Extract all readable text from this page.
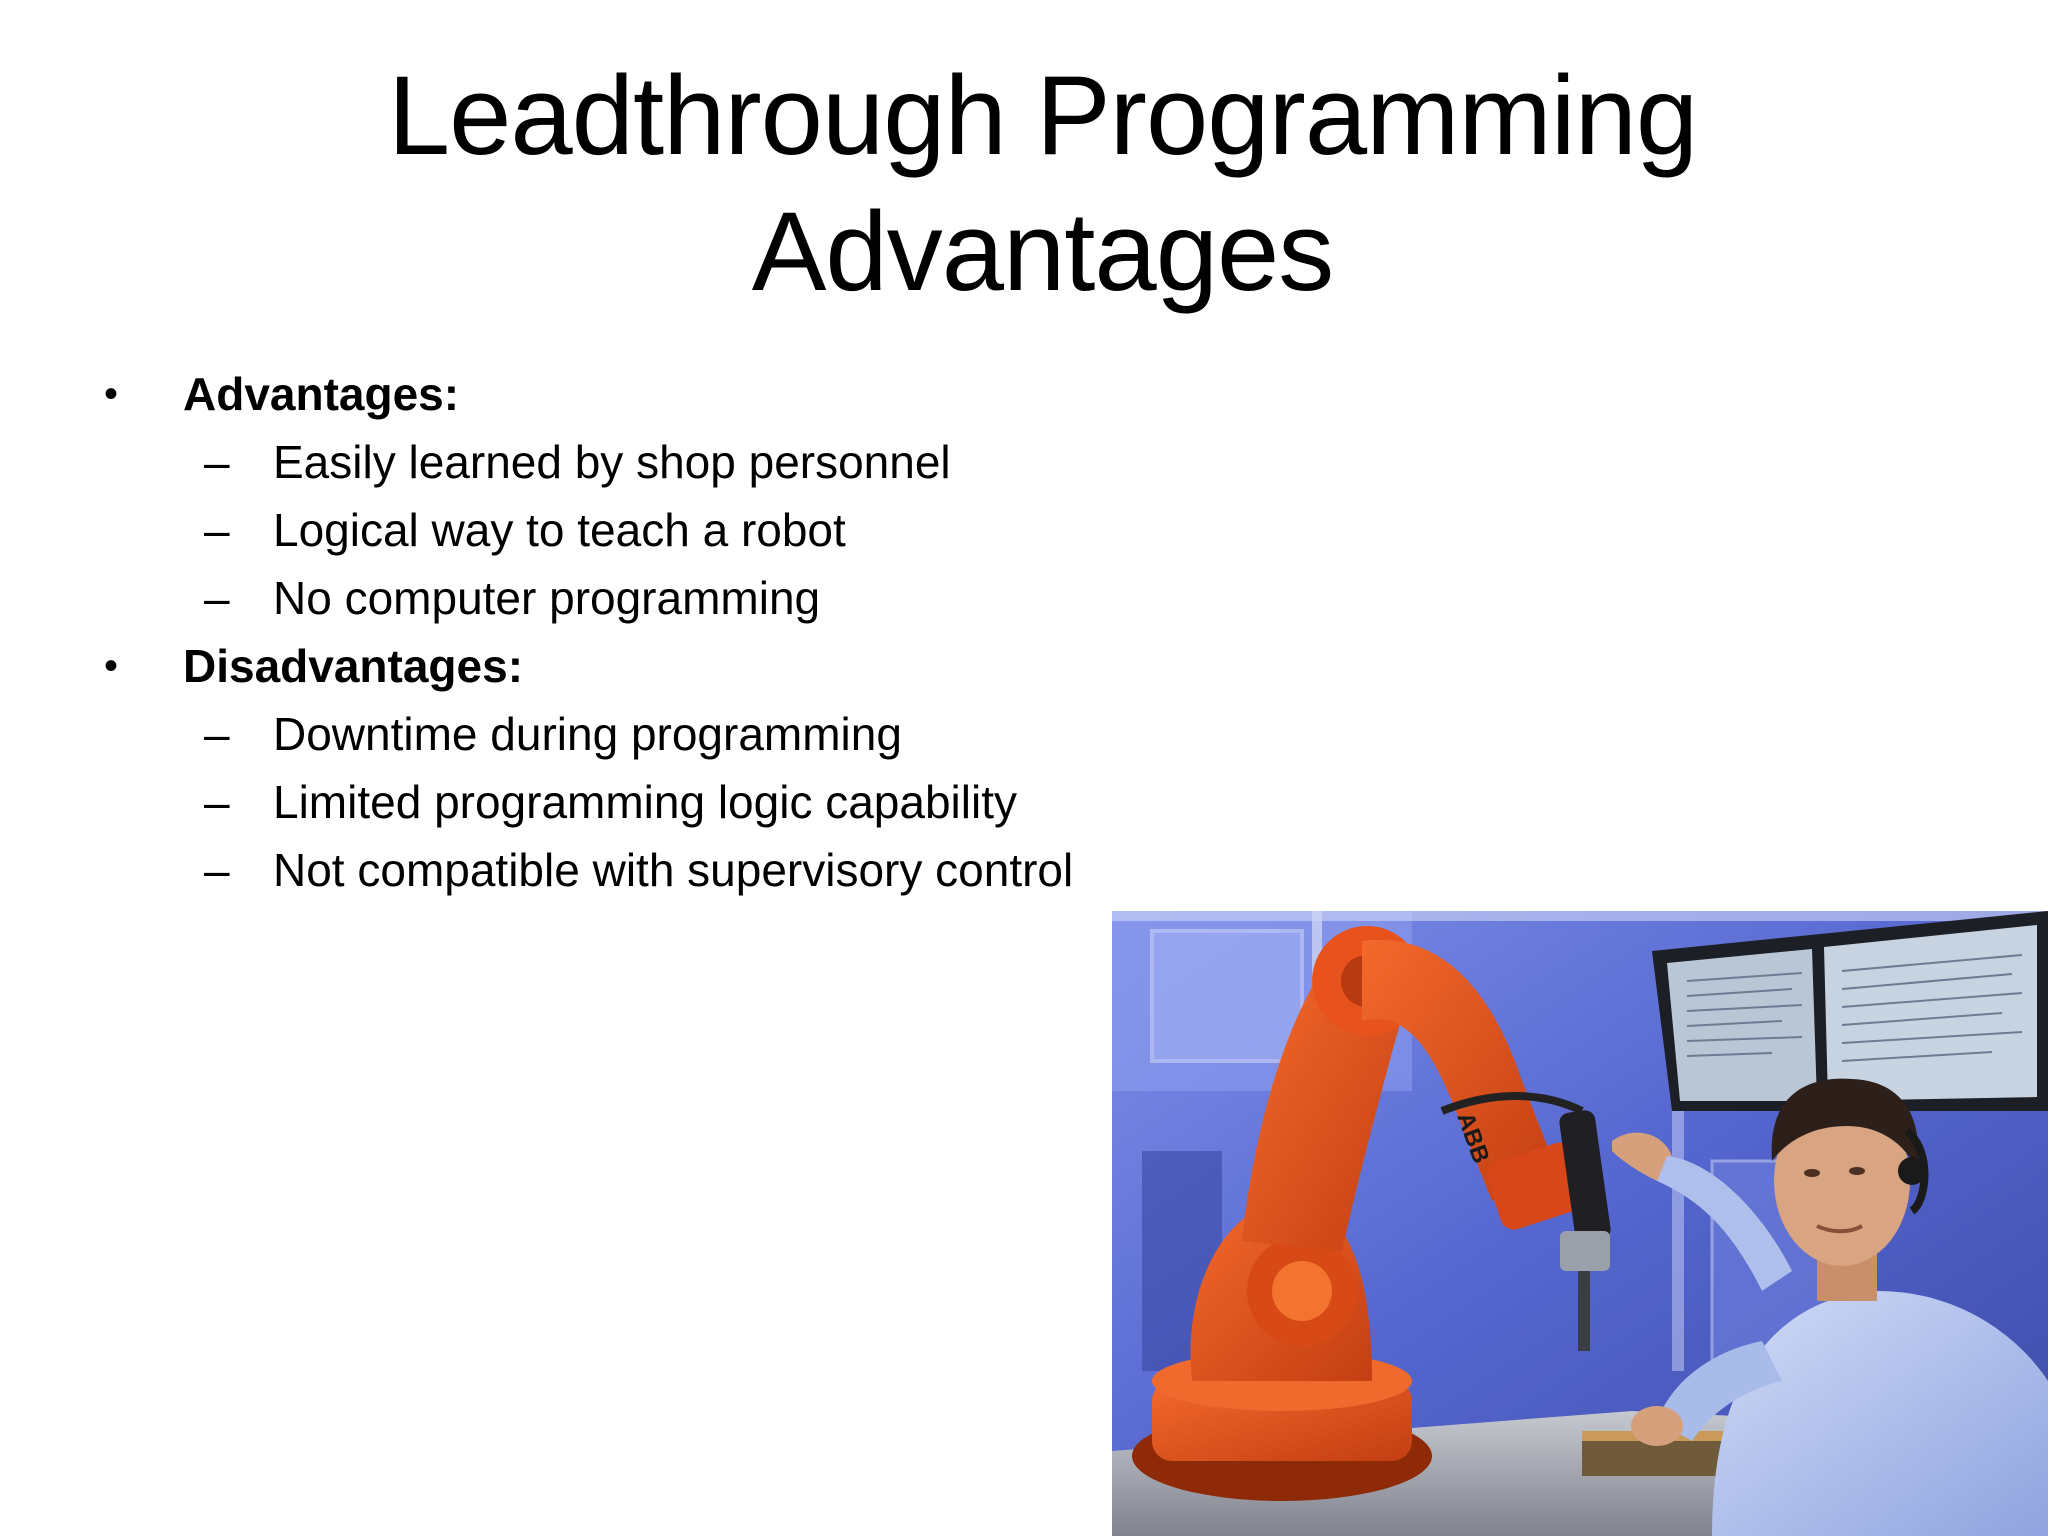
Leadthrough Programming
Advantages
• Advantages:
– Easily learned by shop personnel
– Logical way to teach a robot
– No computer programming
• Disadvantages:
– Downtime during programming
– Limited programming logic capability
– Not compatible with supervisory control
ABB
